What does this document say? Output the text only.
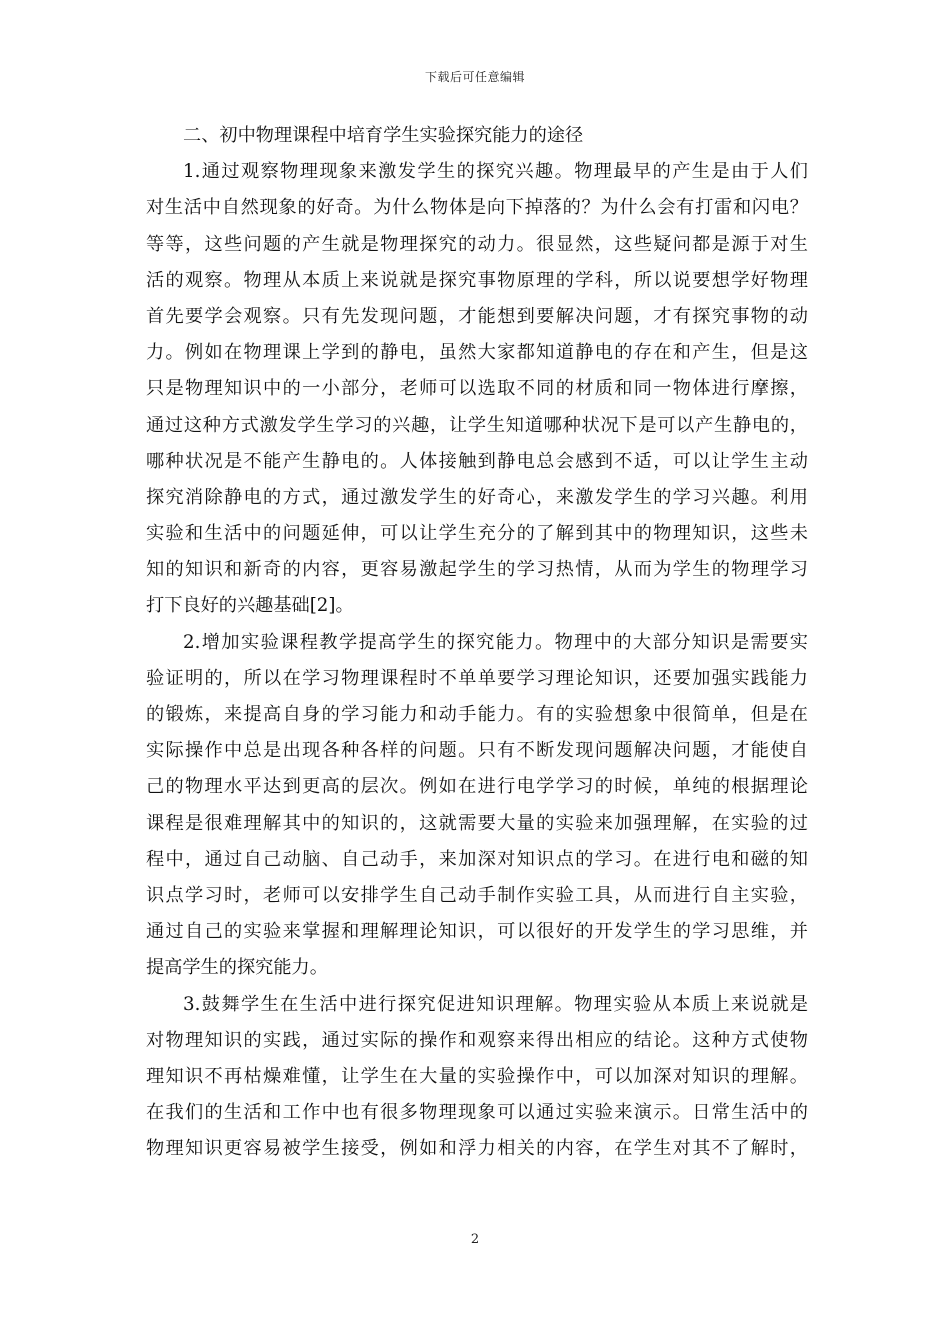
下载后可任意编辑
二、初中物理课程中培育学生实验探究能力的途径
1.通过观察物理现象来激发学生的探究兴趣。物理最早的产生是由于人们
对生活中自然现象的好奇。为什么物体是向下掉落的？为什么会有打雷和闪电？
等等，这些问题的产生就是物理探究的动力。很显然，这些疑问都是源于对生
活的观察。物理从本质上来说就是探究事物原理的学科，所以说要想学好物理
首先要学会观察。只有先发现问题，才能想到要解决问题，才有探究事物的动
力。例如在物理课上学到的静电，虽然大家都知道静电的存在和产生，但是这
只是物理知识中的一小部分，老师可以选取不同的材质和同一物体进行摩擦，
通过这种方式激发学生学习的兴趣，让学生知道哪种状况下是可以产生静电的，
哪种状况是不能产生静电的。人体接触到静电总会感到不适，可以让学生主动
探究消除静电的方式，通过激发学生的好奇心，来激发学生的学习兴趣。利用
实验和生活中的问题延伸，可以让学生充分的了解到其中的物理知识，这些未
知的知识和新奇的内容，更容易激起学生的学习热情，从而为学生的物理学习
打下良好的兴趣基础[2]。
2.增加实验课程教学提高学生的探究能力。物理中的大部分知识是需要实
验证明的，所以在学习物理课程时不单单要学习理论知识，还要加强实践能力
的锻炼，来提高自身的学习能力和动手能力。有的实验想象中很简单，但是在
实际操作中总是出现各种各样的问题。只有不断发现问题解决问题，才能使自
己的物理水平达到更高的层次。例如在进行电学学习的时候，单纯的根据理论
课程是很难理解其中的知识的，这就需要大量的实验来加强理解，在实验的过
程中，通过自己动脑、自己动手，来加深对知识点的学习。在进行电和磁的知
识点学习时，老师可以安排学生自己动手制作实验工具，从而进行自主实验，
通过自己的实验来掌握和理解理论知识，可以很好的开发学生的学习思维，并
提高学生的探究能力。
3.鼓舞学生在生活中进行探究促进知识理解。物理实验从本质上来说就是
对物理知识的实践，通过实际的操作和观察来得出相应的结论。这种方式使物
理知识不再枯燥难懂，让学生在大量的实验操作中，可以加深对知识的理解。
在我们的生活和工作中也有很多物理现象可以通过实验来演示。日常生活中的
物理知识更容易被学生接受，例如和浮力相关的内容，在学生对其不了解时，
2
